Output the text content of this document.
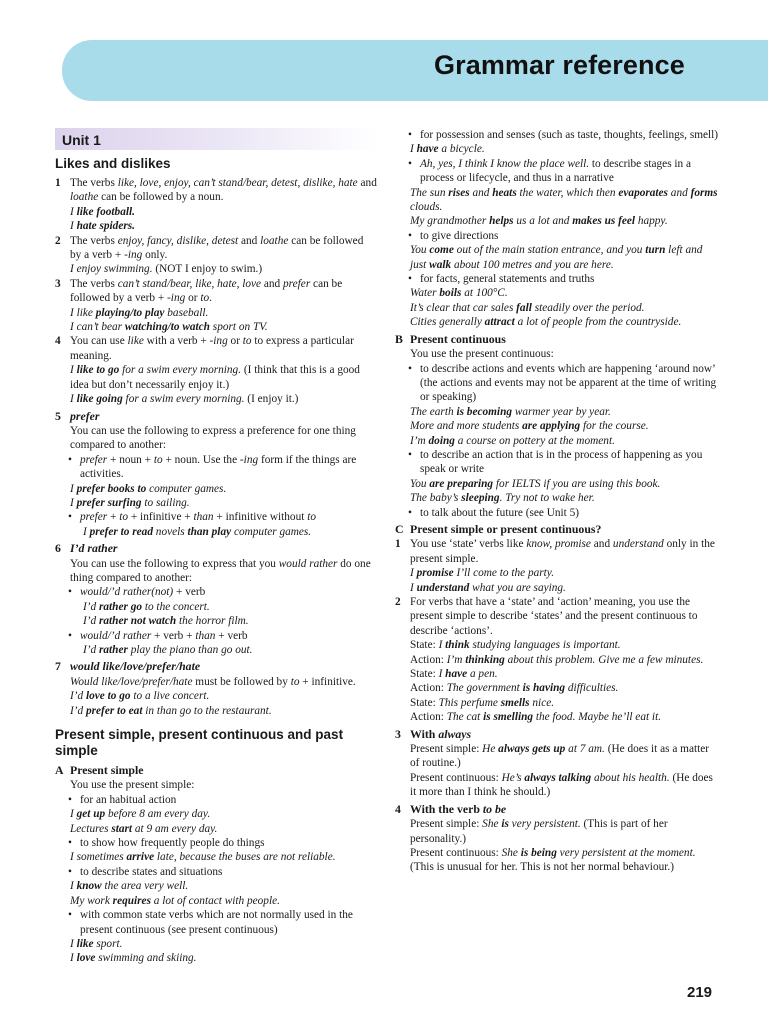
Grammar reference
Unit 1
Likes and dislikes
1 The verbs like, love, enjoy, can’t stand/bear, detest, dislike, hate and loathe can be followed by a noun.
I like football.
I hate spiders.
2 The verbs enjoy, fancy, dislike, detest and loathe can be followed by a verb + -ing only.
I enjoy swimming. (NOT I enjoy to swim.)
3 The verbs can’t stand/bear, like, hate, love and prefer can be followed by a verb + -ing or to.
I like playing/to play baseball.
I can’t bear watching/to watch sport on TV.
4 You can use like with a verb + -ing or to to express a particular meaning.
I like to go for a swim every morning. (I think that this is a good idea but don’t necessarily enjoy it.)
I like going for a swim every morning. (I enjoy it.)
5 prefer
You can use the following to express a preference for one thing compared to another:
• prefer + noun + to + noun. Use the -ing form if the things are activities.
I prefer books to computer games.
I prefer surfing to sailing.
• prefer + to + infinitive + than + infinitive without to
I prefer to read novels than play computer games.
6 I’d rather
You can use the following to express that you would rather do one thing compared to another:
• would/’d rather(not) + verb
I’d rather go to the concert.
I’d rather not watch the horror film.
• would/’d rather + verb + than + verb
I’d rather play the piano than go out.
7 would like/love/prefer/hate
Would like/love/prefer/hate must be followed by to + infinitive.
I’d love to go to a live concert.
I’d prefer to eat in than go to the restaurant.
Present simple, present continuous and past simple
A Present simple
You use the present simple:
• for an habitual action
I get up before 8 am every day.
Lectures start at 9 am every day.
• to show how frequently people do things
I sometimes arrive late, because the buses are not reliable.
• to describe states and situations
I know the area very well.
My work requires a lot of contact with people.
• with common state verbs which are not normally used in the present continuous (see present continuous)
I like sport.
I love swimming and skiing.
• for possession and senses (such as taste, thoughts, feelings, smell)
I have a bicycle.
• Ah, yes, I think I know the place well. to describe stages in a process or lifecycle, and thus in a narrative
The sun rises and heats the water, which then evaporates and forms clouds.
My grandmother helps us a lot and makes us feel happy.
• to give directions
You come out of the main station entrance, and you turn left and just walk about 100 metres and you are here.
• for facts, general statements and truths
Water boils at 100°C.
It’s clear that car sales fall steadily over the period.
Cities generally attract a lot of people from the countryside.
B Present continuous
You use the present continuous:
• to describe actions and events which are happening ‘around now’ (the actions and events may not be apparent at the time of writing or speaking)
The earth is becoming warmer year by year.
More and more students are applying for the course.
I’m doing a course on pottery at the moment.
• to describe an action that is in the process of happening as you speak or write
You are preparing for IELTS if you are using this book.
The baby’s sleeping. Try not to wake her.
• to talk about the future (see Unit 5)
C Present simple or present continuous?
1 You use ‘state’ verbs like know, promise and understand only in the present simple.
I promise I’ll come to the party.
I understand what you are saying.
2 For verbs that have a ‘state’ and ‘action’ meaning, you use the present simple to describe ‘states’ and the present continuous to describe ‘actions’.
State: I think studying languages is important.
Action: I’m thinking about this problem. Give me a few minutes.
State: I have a pen.
Action: The government is having difficulties.
State: This perfume smells nice.
Action: The cat is smelling the food. Maybe he’ll eat it.
3 With always
Present simple: He always gets up at 7 am. (He does it as a matter of routine.)
Present continuous: He’s always talking about his health. (He does it more than I think he should.)
4 With the verb to be
Present simple: She is very persistent. (This is part of her personality.)
Present continuous: She is being very persistent at the moment. (This is unusual for her. This is not her normal behaviour.)
219
